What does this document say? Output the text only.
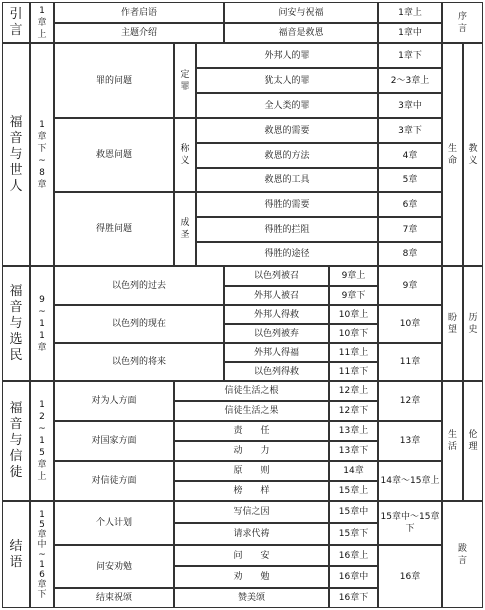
引
言
1
章
上
作者启语
主题介绍
问安与祝福
福音是救恩
1章上
1章中
序
言
福
音
与
世
人
1
章
下
~
8
章
罪的问题
定
罪
外邦人的罪
犹太人的罪
全人类的罪
1章下
2～3章上
3章中
救恩问题
称
义
救恩的需要
救恩的方法
救恩的工具
3章下
4章
5章
得胜问题
成
圣
得胜的需要
得胜的拦阻
得胜的途径
6章
7章
8章
生
命
教
义
福
音
与
选
民
9
~
1
1
章
以色列的过去
以色列的现在
以色列的将来
以色列被召
外邦人被召
外邦人得救
以色列被弃
外邦人得福
以色列得救
9章上
9章下
10章上
10章下
11章上
11章下
9章
10章
11章
盼
望
历
史
福
音
与
信
徒
1
2
~
1
5
章
上
对为人方面
对国家方面
对信徒方面
信徒生活之根
信徒生活之果
责　　任
动　　力
原　　则
榜　　样
12章上
12章下
13章上
13章下
14章
15章上
12章
13章
14章～15章上
生
活
伦
理
结
语
1
5
章
中
~
1
6
章
下
个人计划
问安劝勉
结束祝颂
写信之因
请求代祷
问　　安
劝　　勉
赞美颂
15章中
15章下
16章上
16章中
16章下
15章中～15章下
16章
跋
言
